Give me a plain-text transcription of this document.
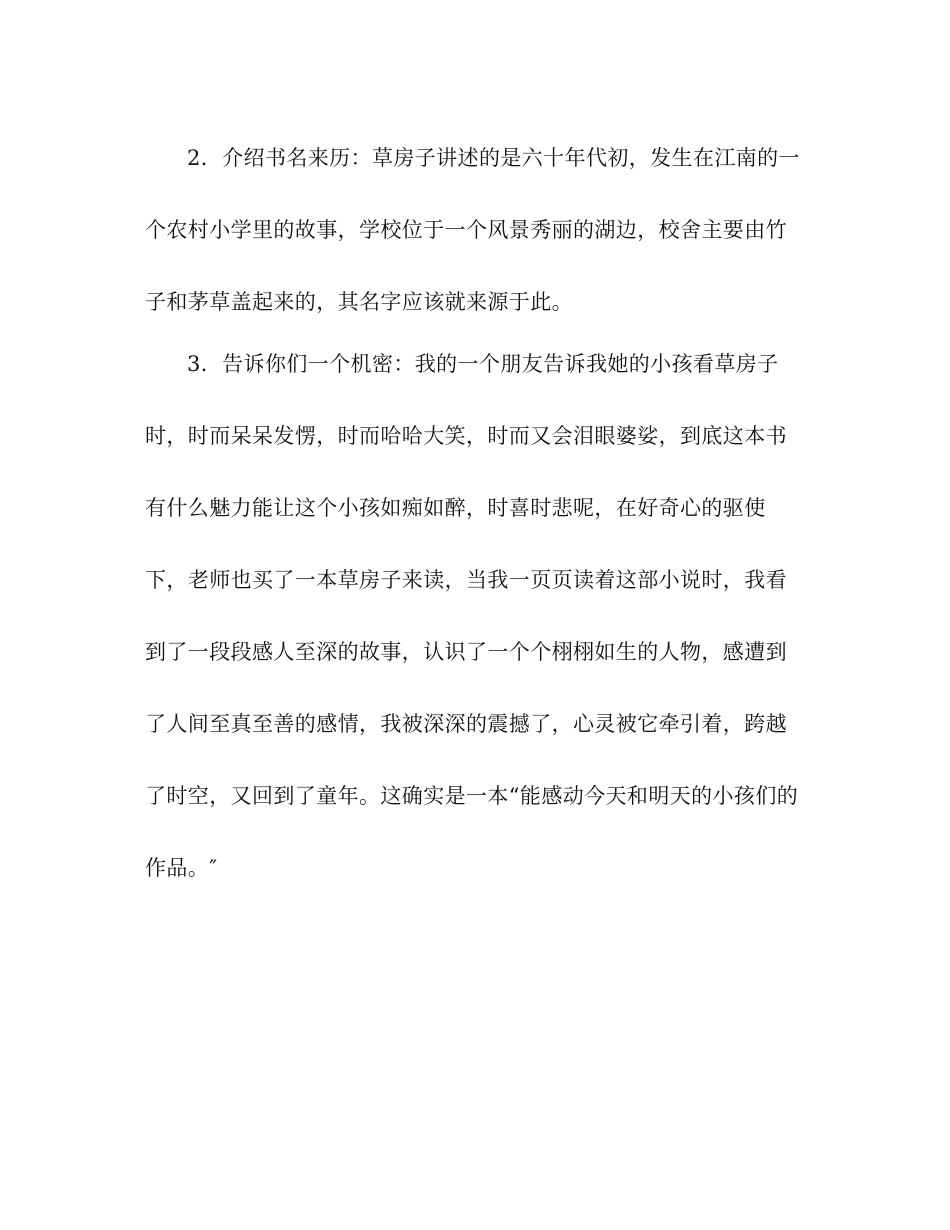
2．介绍书名来历：草房子讲述的是六十年代初，发生在江南的一

个农村小学里的故事，学校位于一个风景秀丽的湖边，校舍主要由竹

子和茅草盖起来的，其名字应该就来源于此。

3．告诉你们一个机密：我的一个朋友告诉我她的小孩看草房子

时，时而呆呆发愣，时而哈哈大笑，时而又会泪眼婆娑，到底这本书

有什么魅力能让这个小孩如痴如醉，时喜时悲呢，在好奇心的驱使

下，老师也买了一本草房子来读，当我一页页读着这部小说时，我看

到了一段段感人至深的故事，认识了一个个栩栩如生的人物，感遭到

了人间至真至善的感情，我被深深的震撼了，心灵被它牵引着，跨越

了时空，又回到了童年。这确实是一本“能感动今天和明天的小孩们的

作品。″
